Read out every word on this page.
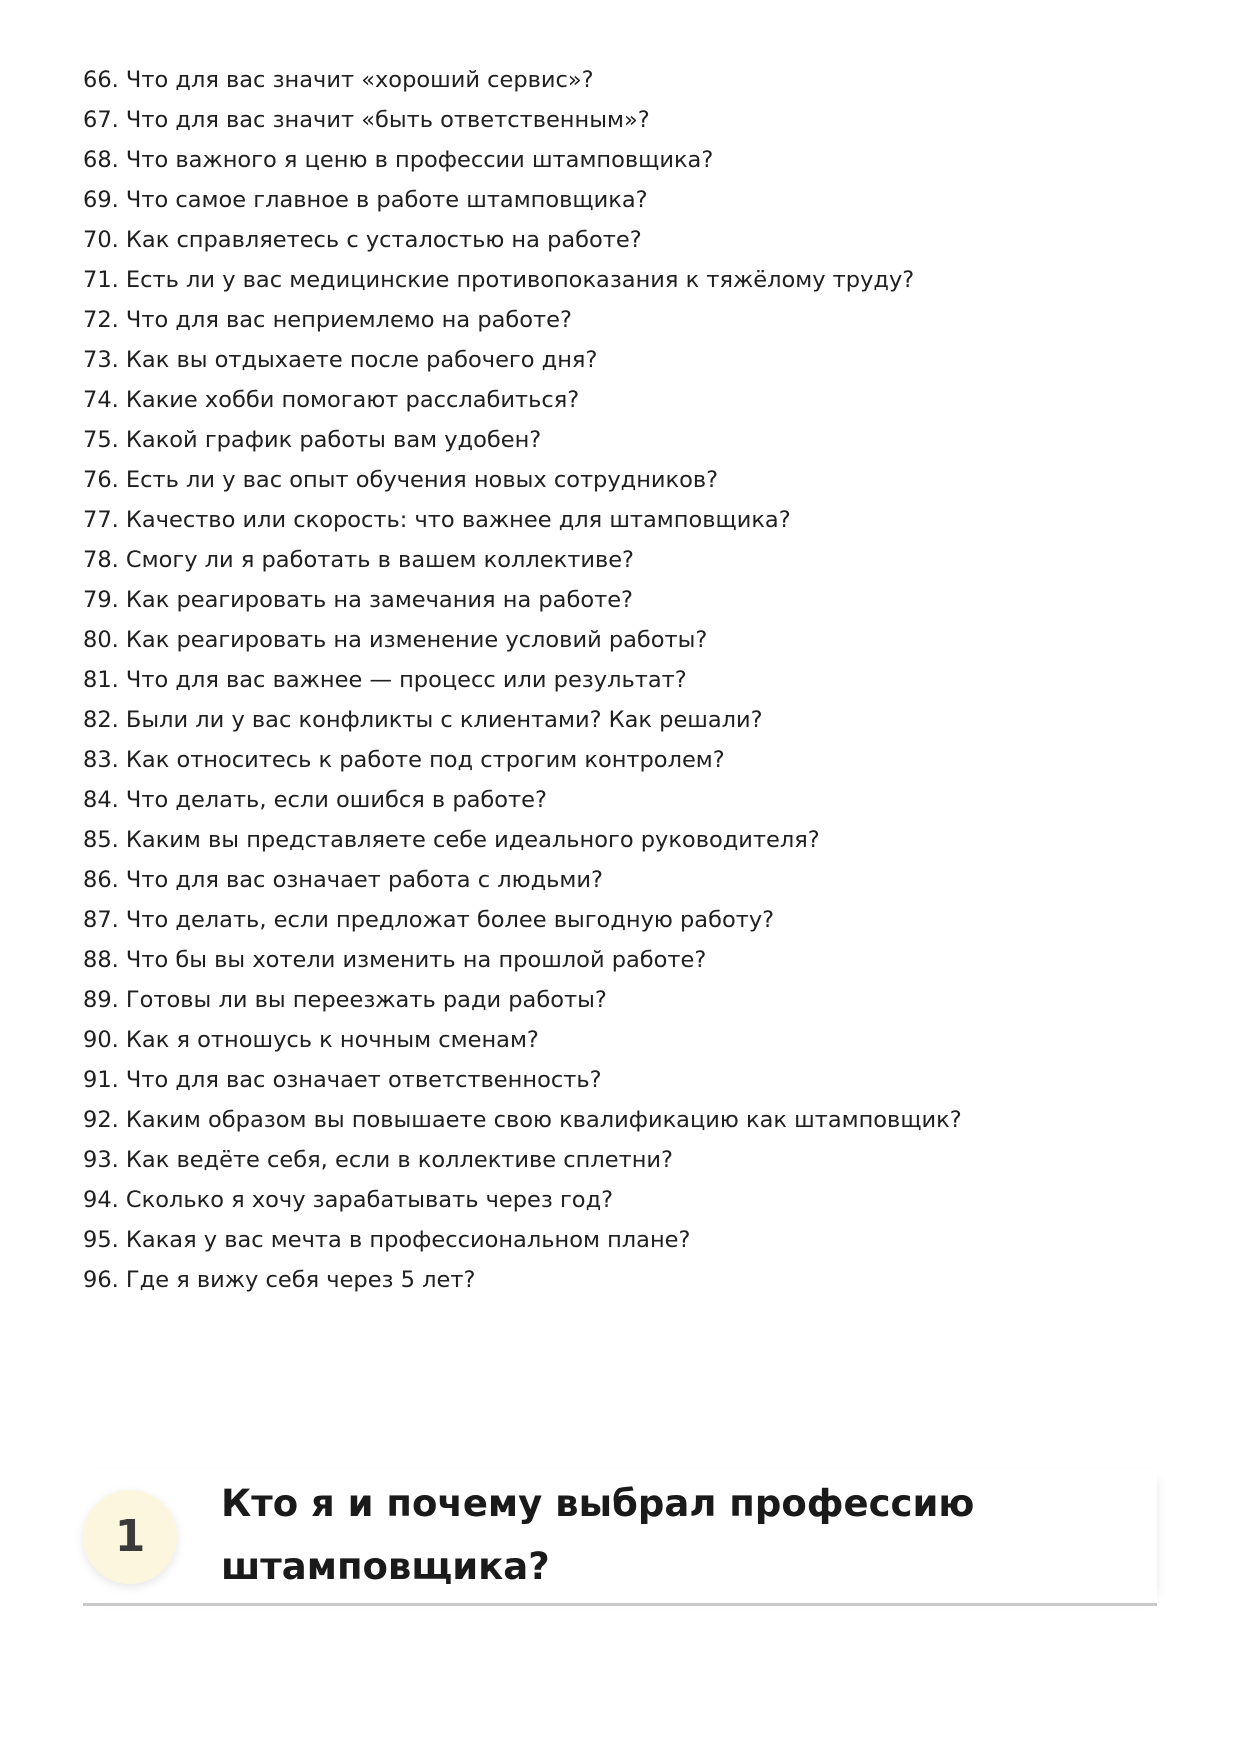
66. Что для вас значит «хороший сервис»?
67. Что для вас значит «быть ответственным»?
68. Что важного я ценю в профессии штамповщика?
69. Что самое главное в работе штамповщика?
70. Как справляетесь с усталостью на работе?
71. Есть ли у вас медицинские противопоказания к тяжёлому труду?
72. Что для вас неприемлемо на работе?
73. Как вы отдыхаете после рабочего дня?
74. Какие хобби помогают расслабиться?
75. Какой график работы вам удобен?
76. Есть ли у вас опыт обучения новых сотрудников?
77. Качество или скорость: что важнее для штамповщика?
78. Смогу ли я работать в вашем коллективе?
79. Как реагировать на замечания на работе?
80. Как реагировать на изменение условий работы?
81. Что для вас важнее — процесс или результат?
82. Были ли у вас конфликты с клиентами? Как решали?
83. Как относитесь к работе под строгим контролем?
84. Что делать, если ошибся в работе?
85. Каким вы представляете себе идеального руководителя?
86. Что для вас означает работа с людьми?
87. Что делать, если предложат более выгодную работу?
88. Что бы вы хотели изменить на прошлой работе?
89. Готовы ли вы переезжать ради работы?
90. Как я отношусь к ночным сменам?
91. Что для вас означает ответственность?
92. Каким образом вы повышаете свою квалификацию как штамповщик?
93. Как ведёте себя, если в коллективе сплетни?
94. Сколько я хочу зарабатывать через год?
95. Какая у вас мечта в профессиональном плане?
96. Где я вижу себя через 5 лет?
1
Кто я и почему выбрал профессию штамповщика?
